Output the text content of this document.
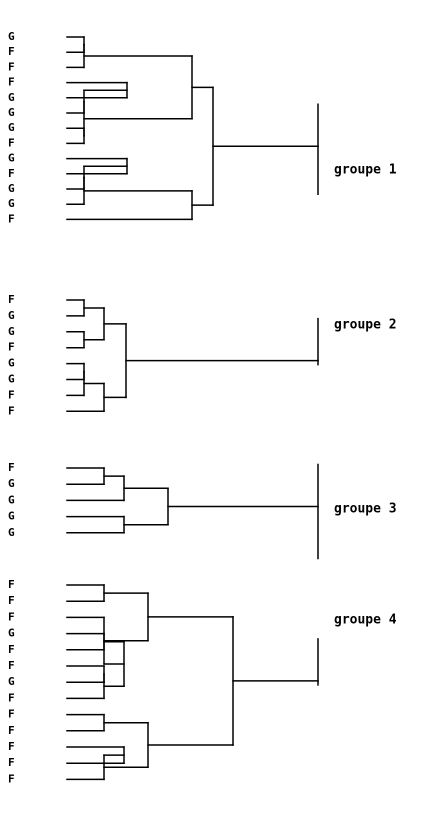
G
F
F
F
G
G
G
F
G
F
G
G
F
groupe 1
F
G
G
F
G
G
F
F
groupe 2
F
G
G
G
G
groupe 3
F
F
F
G
F
F
G
F
F
F
F
F
F
groupe 4
